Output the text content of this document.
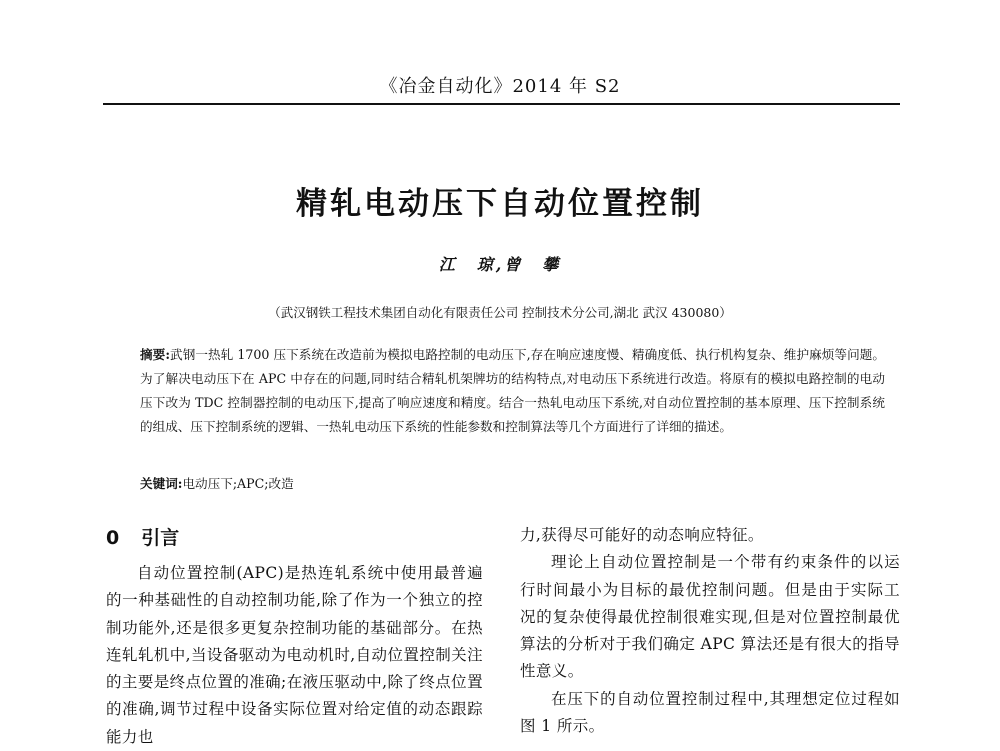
《冶金自动化》2014 年 S2
精轧电动压下自动位置控制
江　琼,曾　攀
（武汉钢铁工程技术集团自动化有限责任公司 控制技术分公司,湖北 武汉 430080）
摘要:武钢一热轧 1700 压下系统在改造前为模拟电路控制的电动压下,存在响应速度慢、精确度低、执行机构复杂、维护麻烦等问题。为了解决电动压下在 APC 中存在的问题,同时结合精轧机架牌坊的结构特点,对电动压下系统进行改造。将原有的模拟电路控制的电动压下改为 TDC 控制器控制的电动压下,提高了响应速度和精度。结合一热轧电动压下系统,对自动位置控制的基本原理、压下控制系统的组成、压下控制系统的逻辑、一热轧电动压下系统的性能参数和控制算法等几个方面进行了详细的描述。
关键词:电动压下;APC;改造
0 引言

自动位置控制(APC)是热连轧系统中使用最普遍的一种基础性的自动控制功能,除了作为一个独立的控制功能外,还是很多更复杂控制功能的基础部分。在热连轧轧机中,当设备驱动为电动机时,自动位置控制关注的主要是终点位置的准确;在液压驱动中,除了终点位置的准确,调节过程中设备实际位置对给定值的动态跟踪能力也

力,获得尽可能好的动态响应特征。

理论上自动位置控制是一个带有约束条件的以运行时间最小为目标的最优控制问题。但是由于实际工况的复杂使得最优控制很难实现,但是对位置控制最优算法的分析对于我们确定 APC 算法还是有很大的指导性意义。

在压下的自动位置控制过程中,其理想定位过程如图 1 所示。
